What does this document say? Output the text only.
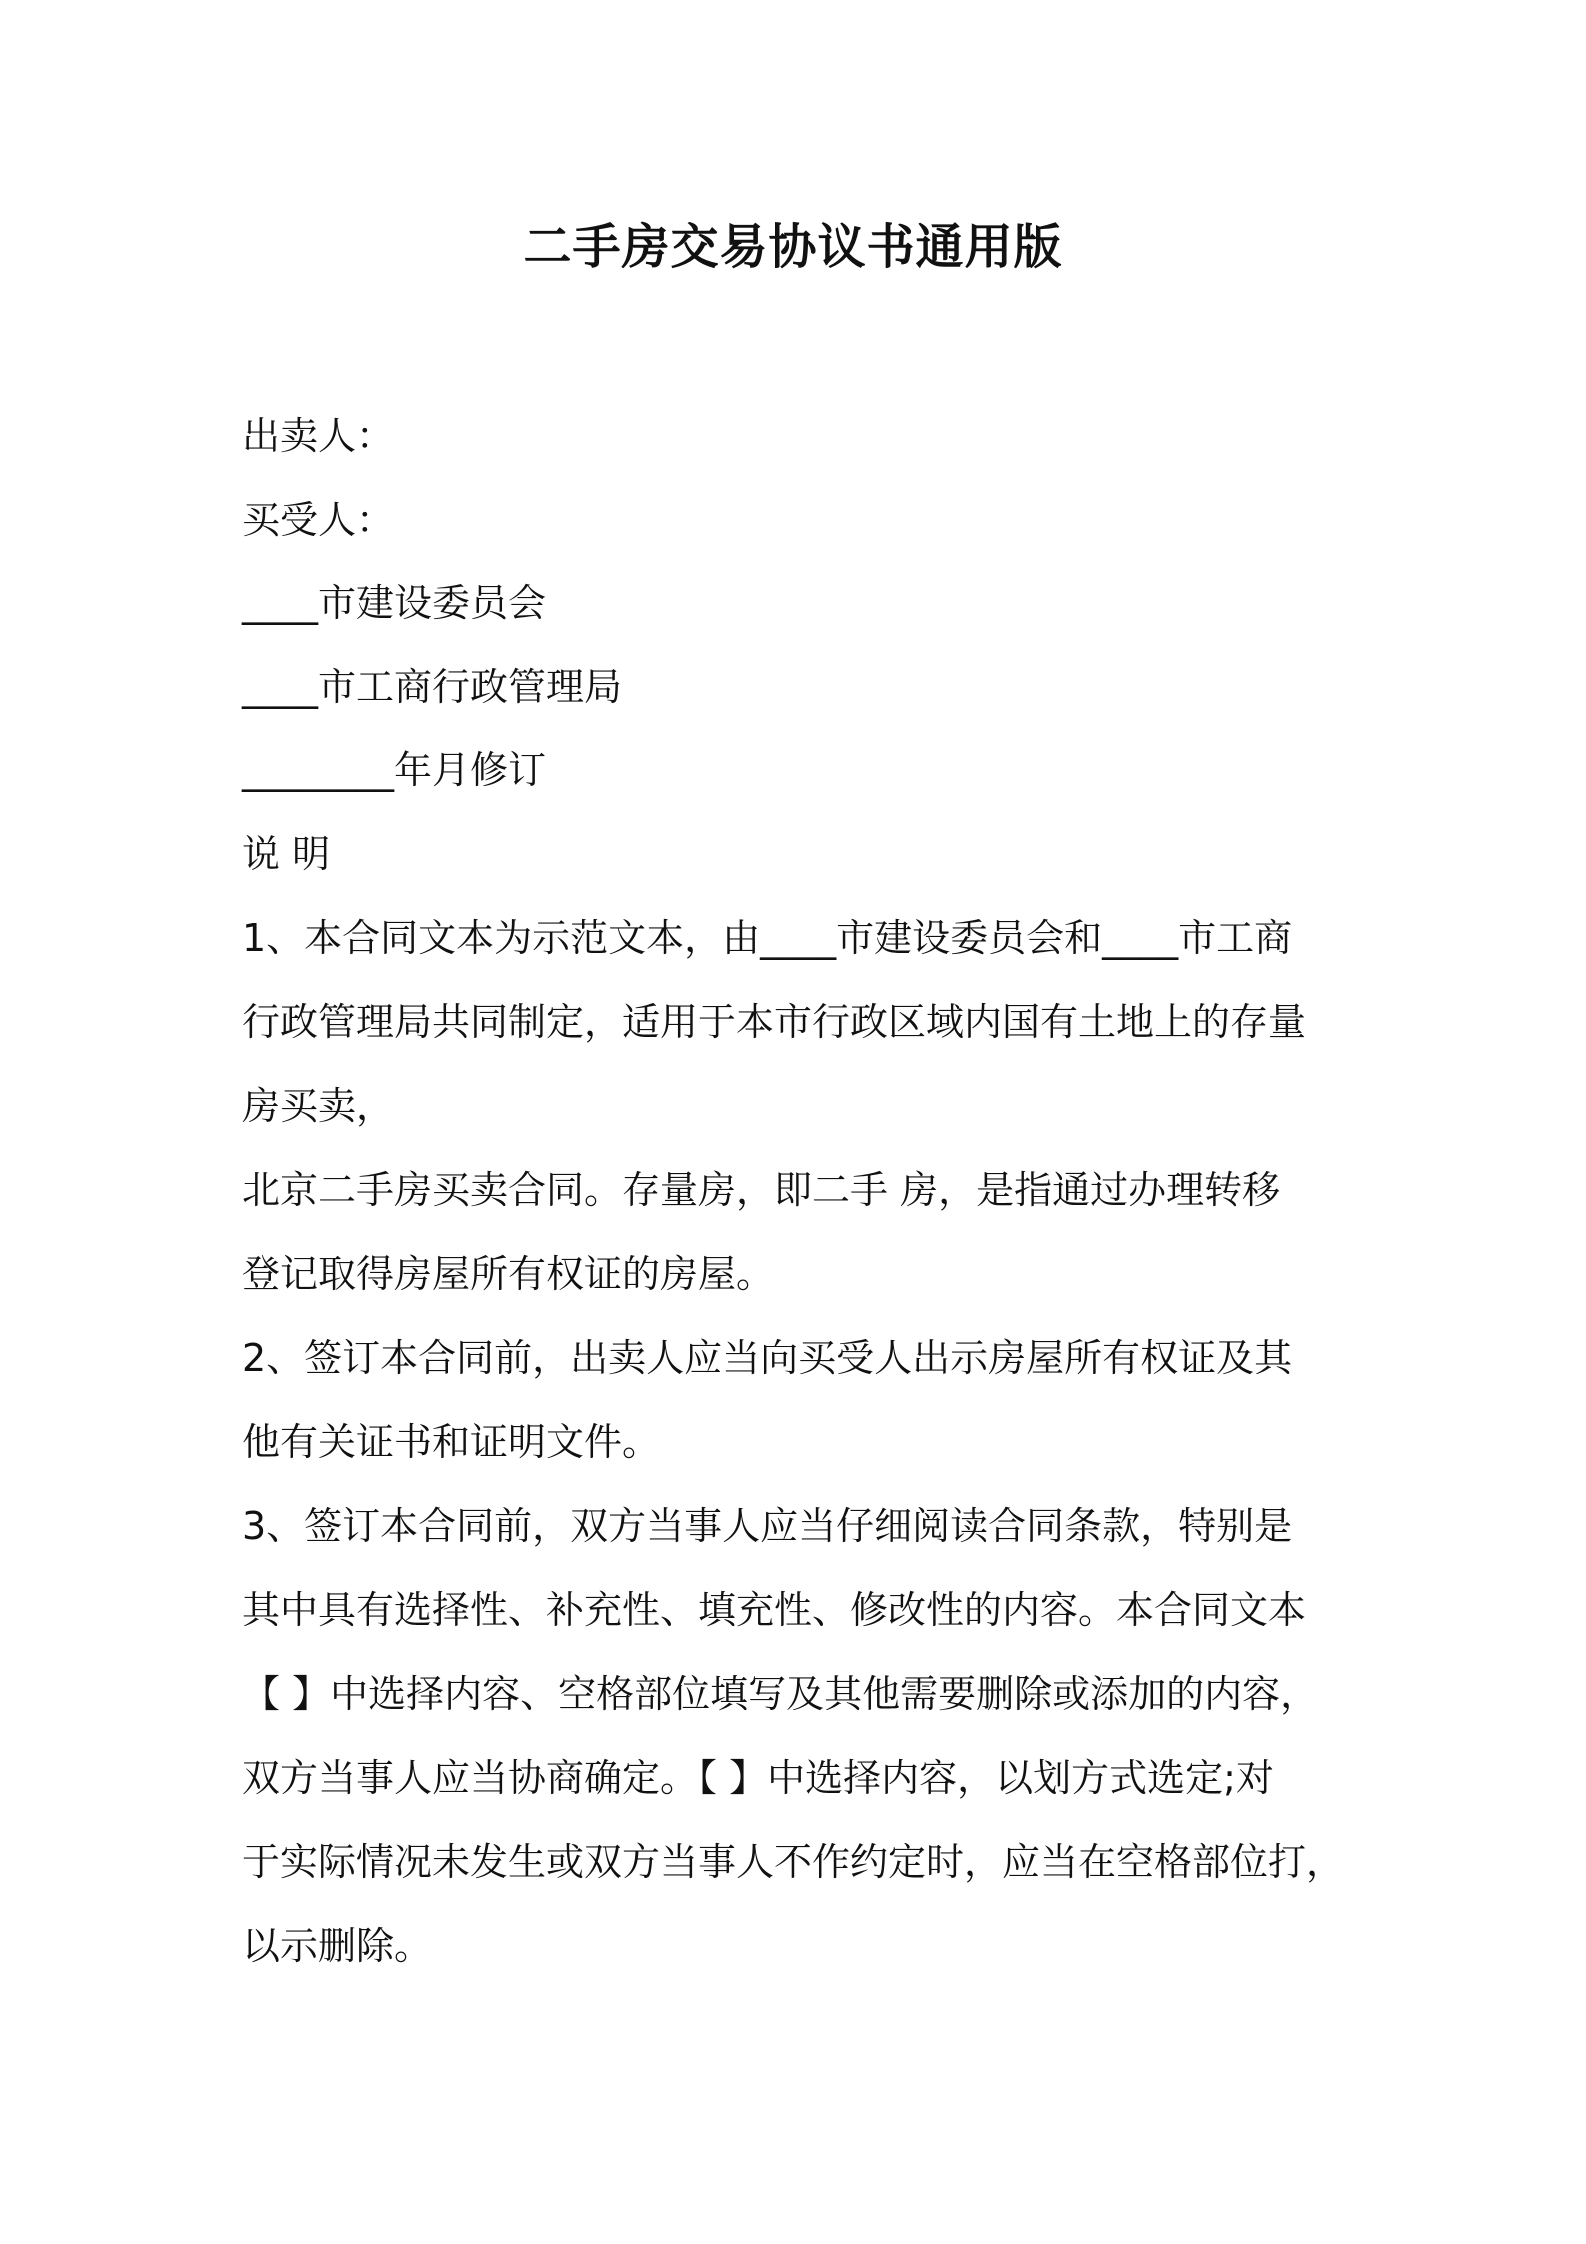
二手房交易协议书通用版
出卖人：
买受人：
____市建设委员会
____市工商行政管理局
________年月修订
说 明
1、本合同文本为示范文本，由____市建设委员会和____市工商
行政管理局共同制定，适用于本市行政区域内国有土地上的存量
房买卖，
北京二手房买卖合同。存量房，即二手 房，是指通过办理转移
登记取得房屋所有权证的房屋。
2、签订本合同前，出卖人应当向买受人出示房屋所有权证及其
他有关证书和证明文件。
3、签订本合同前，双方当事人应当仔细阅读合同条款，特别是
其中具有选择性、补充性、填充性、修改性的内容。本合同文本
【 】中选择内容、空格部位填写及其他需要删除或添加的内容，
双方当事人应当协商确定。【 】中选择内容，以划方式选定;对
于实际情况未发生或双方当事人不作约定时，应当在空格部位打，
以示删除。
